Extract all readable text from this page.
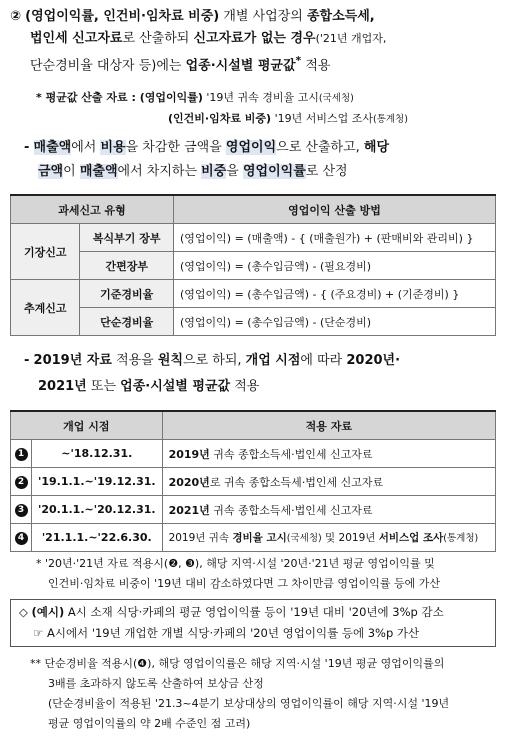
② (영업이익률, 인건비·임차료 비중) 개별 사업장의 종합소득세,
법인세 신고자료로 산출하되 신고자료가 없는 경우('21년 개업자,
단순경비율 대상자 등)에는 업종·시설별 평균값* 적용
* 평균값 산출 자료 : (영업이익률) '19년 귀속 경비율 고시(국세청)
(인건비·임차료 비중) '19년 서비스업 조사(통계청)
- 매출액에서 비용을 차감한 금액을 영업이익으로 산출하고, 해당
금액이 매출액에서 차지하는 비중을 영업이익률로 산정
과세신고 유형		영업이익 산출 방법
기장신고	복식부기 장부	(영업이익) = (매출액) - { (매출원가) + (판매비와 관리비) }
	간편장부	(영업이익) = (총수입금액) - (필요경비)
추계신고	기준경비율	(영업이익) = (총수입금액) - { (주요경비) + (기준경비) }
	단순경비율	(영업이익) = (총수입금액) - (단순경비)
- 2019년 자료 적용을 원칙으로 하되, 개업 시점에 따라 2020년·
2021년 또는 업종·시설별 평균값 적용
개업 시점		적용 자료
1	~'18.12.31.	2019년 귀속 종합소득세·법인세 신고자료
2	'19.1.1.~'19.12.31.	2020년로 귀속 종합소득세·법인세 신고자료
3	'20.1.1.~'20.12.31.	2021년 귀속 종합소득세·법인세 신고자료
4	'21.1.1.~'22.6.30.	2019년 귀속 경비율 고시(국세청) 및 2019년 서비스업 조사(통계청)
* '20년·'21년 자료 적용시(❷, ❸), 해당 지역·시설 '20년·'21년 평균 영업이익률 및
인건비·임차료 비중이 '19년 대비 감소하였다면 그 차이만큼 영업이익률 등에 가산
◇ (예시) A시 소재 식당·카페의 평균 영업이익률 등이 '19년 대비 '20년에 3%p 감소
☞ A시에서 '19년 개업한 개별 식당·카페의 '20년 영업이익률 등에 3%p 가산
** 단순경비율 적용시(❹), 해당 영업이익률은 해당 지역·시설 '19년 평균 영업이익률의
3배를 초과하지 않도록 산출하여 보상금 산정
(단순경비율이 적용된 '21.3~4분기 보상대상의 영업이익률이 해당 지역·시설 '19년
평균 영업이익률의 약 2배 수준인 점 고려)
